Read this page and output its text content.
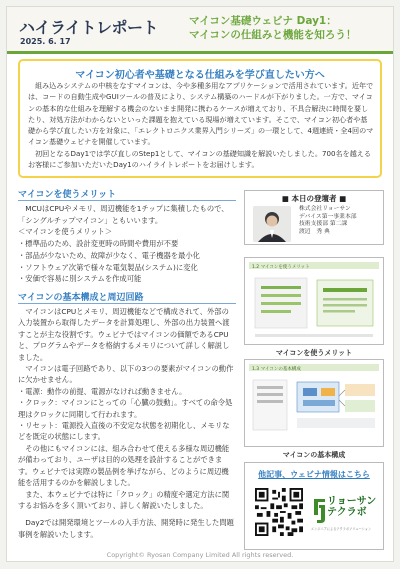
ハイライトレポート
2025. 6. 17
マイコン基礎ウェビナ Day1：
マイコンの仕組みと機能を知ろう！
マイコン初心者や基礎となる仕組みを学び直したい方へ
　組み込みシステムの中核をなすマイコンは、今や多種多用なアプリケーションで活用されています。近年では、コードの自動生成やGUIツールの普及により、システム構築のハードルが下がりました。一方で、マイコンの基本的な仕組みを理解する機会のないまま開発に携わるケースが増えており、不具合解決に時間を要したり、対処方法がわからないといった課題を抱えている現場が増えています。そこで、マイコン初心者や基礎から学び直したい方を対象に、「エレクトロニクス業界入門シリーズ」の一環として、4週連続・全4回のマイコン基礎ウェビナを開催しています。
　初回となるDay1では学び直しのStep1として、マイコンの基礎知識を解説いたしました。700名を越えるお客様にご参加いただいたDay1のハイライトレポートをお届けします。
マイコンを使うメリット
　MCUはCPUやメモリ、周辺機能を1チップに集積したもので、「シングルチップマイコン」ともいいます。
＜マイコンを使うメリット＞
・標準品のため、設計変更時の時間や費用が不要
・部品が少ないため、故障が少なく、電子機器を最小化
・ソフトウェア次第で様々な電気製品(システム)に変化
・安価で容易に別システムを作成可能
マイコンの基本構成と周辺回路
　マイコンはCPUとメモリ、周辺機能などで構成されて、外部の入力装置から取得したデータを計算処理し、外部の出力装置へ渡すことが主な役割です。ウェビナではマイコンの価額であるCPUと、プログラムやデータを格納するメモリについて詳しく解説しました。
　マイコンは電子回路であり、以下の3つの要素がマイコンの動作に欠かせません。
・電源：動作の前提、電源がなければ動きません。
・クロック：マイコンにとっての「心臓の鼓動」。すべての命令処理はクロックに同期して行われます。
・リセット：電源投入直後の不安定な状態を初期化し、メモリなどを既定の状態にします。
　その他にもマイコンには、組み合わせて使える多様な周辺機能が備わっており、ユーザは目的の処理を設計することができます。ウェビナでは実際の製品例を挙げながら、どのように周辺機能を活用するのかを解説しました。
　また、本ウェビナでは特に「クロック」の精度や選定方法に関するお悩みを多く頂いており、詳しく解説いたしました。
　Day2では開発環境とツールの入手方法、開発時に発生した問題事例を解説いたします。
■ 本日の登壇者 ■
株式会社リョーサン
デバイス第一事業本部
技術支援部 第二課
渡辺　秀 典
1.2 マイコンを使うメリット
マイコンを使うメリット
1.3 マイコンの基本構成
マイコンの基本構成
他記事、ウェビナ情報はこちら
リョーサン
テクラボ
エンジニアによるテクラボソリューション
Copyright© Ryosan Company Limited All rights reserved.
